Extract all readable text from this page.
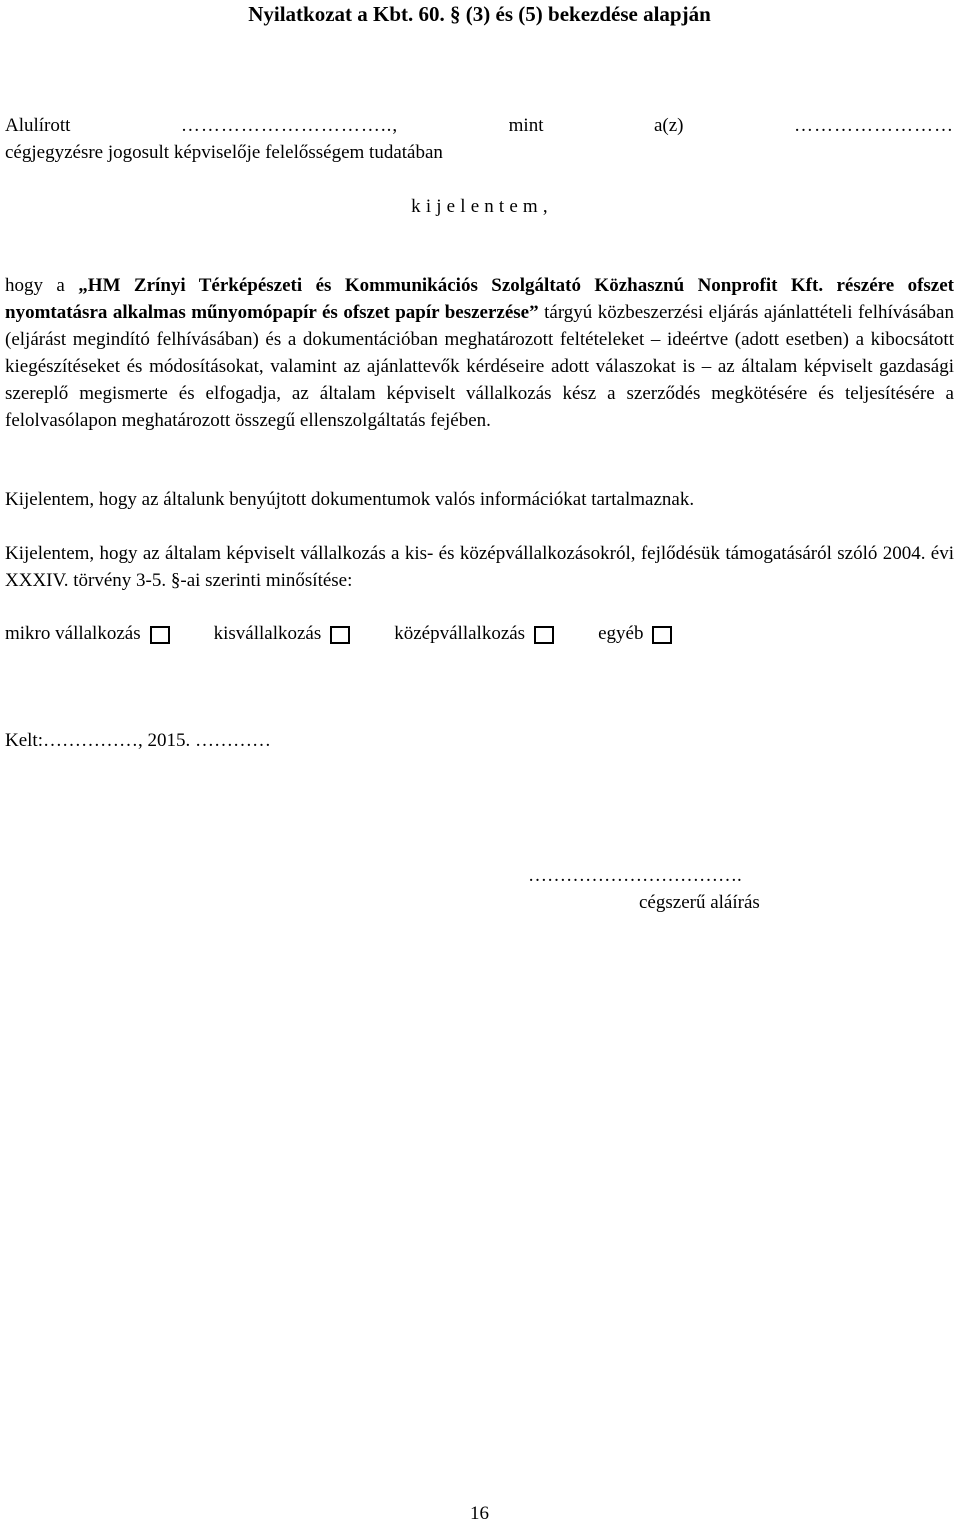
Nyilatkozat a Kbt. 60. § (3) és (5) bekezdése alapján
Alulírott	…………………………..,	mint	a(z)	……………………
cégjegyzésre jogosult képviselője felelősségem tudatában
k i j e l e n t e m ,
hogy a „HM Zrínyi Térképészeti és Kommunikációs Szolgáltató Közhasznú Nonprofit Kft. részére ofszet nyomtatásra alkalmas műnyomópapír és ofszet papír beszerzése” tárgyú közbeszerzési eljárás ajánlattételi felhívásában (eljárást megindító felhívásában) és a dokumentációban meghatározott feltételeket – ideértve (adott esetben) a kibocsátott kiegészítéseket és módosításokat, valamint az ajánlattevők kérdéseire adott válaszokat is – az általam képviselt gazdasági szereplő megismerte és elfogadja, az általam képviselt vállalkozás kész a szerződés megkötésére és teljesítésére a felolvasólapon meghatározott összegű ellenszolgáltatás fejében.
Kijelentem, hogy az általunk benyújtott dokumentumok valós információkat tartalmaznak.
Kijelentem, hogy az általam képviselt vállalkozás a kis- és középvállalkozásokról, fejlődésük támogatásáról szóló 2004. évi XXXIV. törvény 3-5. §-ai szerinti minősítése:
mikro vállalkozás	kisvállalkozás	középvállalkozás	egyéb
Kelt:……………, 2015. …………
…………………………….
cégszerű aláírás
16
